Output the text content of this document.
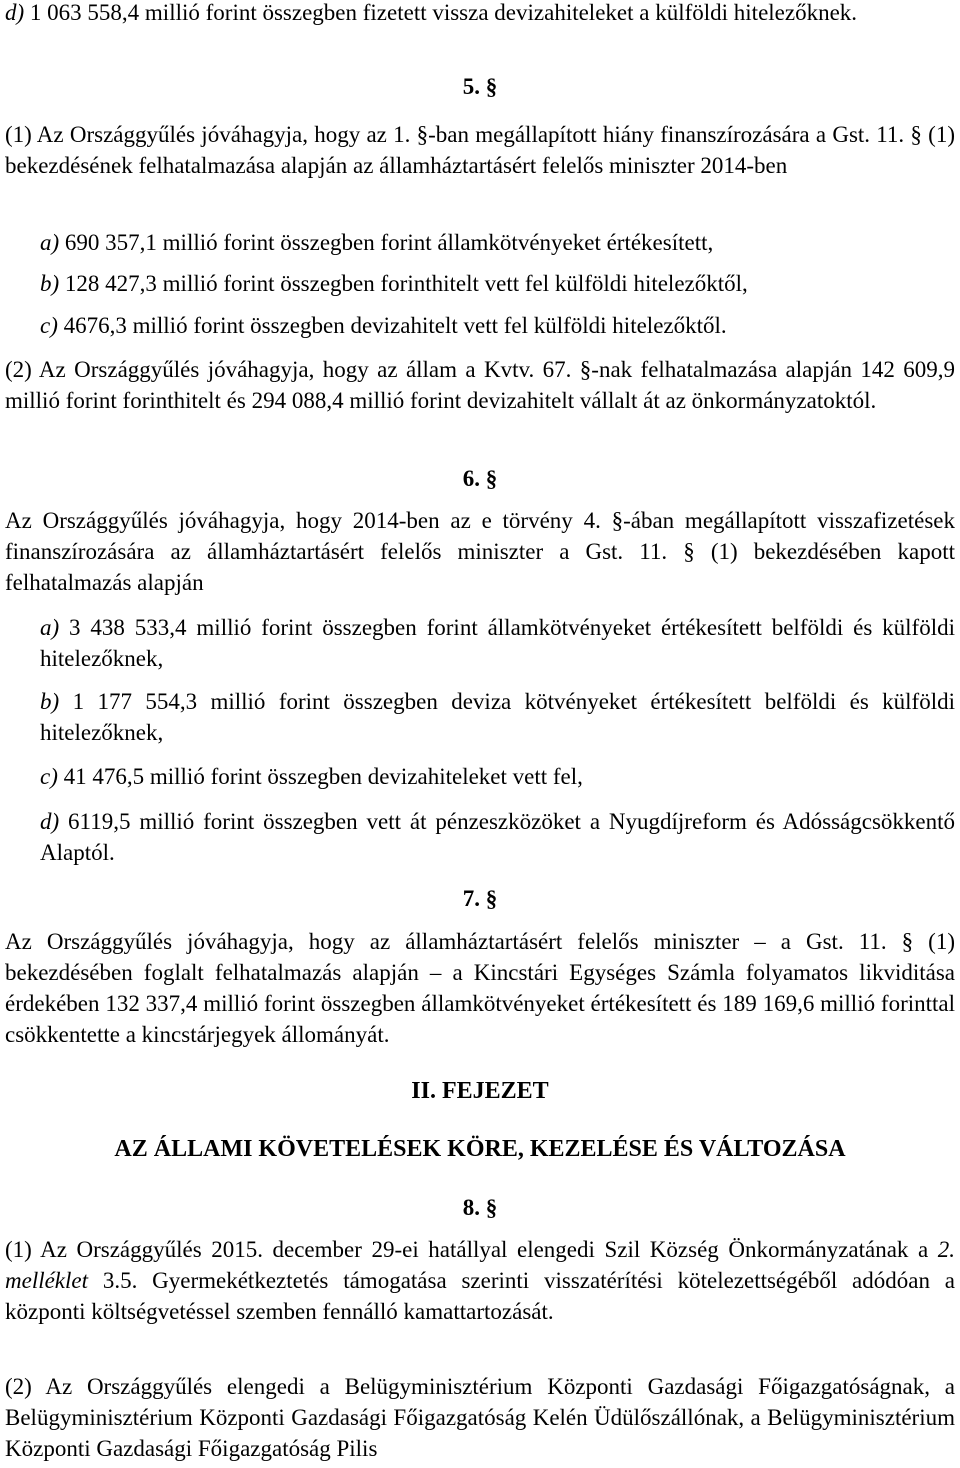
d) 1 063 558,4 millió forint összegben fizetett vissza devizahiteleket a külföldi hitelezőknek.

5. §

(1) Az Országgyűlés jóváhagyja, hogy az 1. §-ban megállapított hiány finanszírozására a Gst. 11. § (1) bekezdésének felhatalmazása alapján az államháztartásért felelős miniszter 2014-ben

a) 690 357,1 millió forint összegben forint államkötvényeket értékesített,

b) 128 427,3 millió forint összegben forinthitelt vett fel külföldi hitelezőktől,

c) 4676,3 millió forint összegben devizahitelt vett fel külföldi hitelezőktől.

(2) Az Országgyűlés jóváhagyja, hogy az állam a Kvtv. 67. §-nak felhatalmazása alapján 142 609,9 millió forint forinthitelt és 294 088,4 millió forint devizahitelt vállalt át az önkormányzatoktól.

6. §

Az Országgyűlés jóváhagyja, hogy 2014-ben az e törvény 4. §-ában megállapított visszafizetések finanszírozására az államháztartásért felelős miniszter a Gst. 11. § (1) bekezdésében kapott felhatalmazás alapján

a) 3 438 533,4 millió forint összegben forint államkötvényeket értékesített belföldi és külföldi hitelezőknek,

b) 1 177 554,3 millió forint összegben deviza kötvényeket értékesített belföldi és külföldi hitelezőknek,

c) 41 476,5 millió forint összegben devizahiteleket vett fel,

d) 6119,5 millió forint összegben vett át pénzeszközöket a Nyugdíjreform és Adósságcsökkentő Alaptól.

7. §

Az Országgyűlés jóváhagyja, hogy az államháztartásért felelős miniszter – a Gst. 11. § (1) bekezdésében foglalt felhatalmazás alapján – a Kincstári Egységes Számla folyamatos likviditása érdekében 132 337,4 millió forint összegben államkötvényeket értékesített és 189 169,6 millió forinttal csökkentette a kincstárjegyek állományát.

II. FEJEZET

AZ ÁLLAMI KÖVETELÉSEK KÖRE, KEZELÉSE ÉS VÁLTOZÁSA

8. §

(1) Az Országgyűlés 2015. december 29-ei hatállyal elengedi Szil Község Önkormányzatának a 2. melléklet 3.5. Gyermekétkeztetés támogatása szerinti visszatérítési kötelezettségéből adódóan a központi költségvetéssel szemben fennálló kamattartozását.

(2) Az Országgyűlés elengedi a Belügyminisztérium Központi Gazdasági Főigazgatóságnak, a Belügyminisztérium Központi Gazdasági Főigazgatóság Kelén Üdülőszállónak, a Belügyminisztérium Központi Gazdasági Főigazgatóság Pilis
